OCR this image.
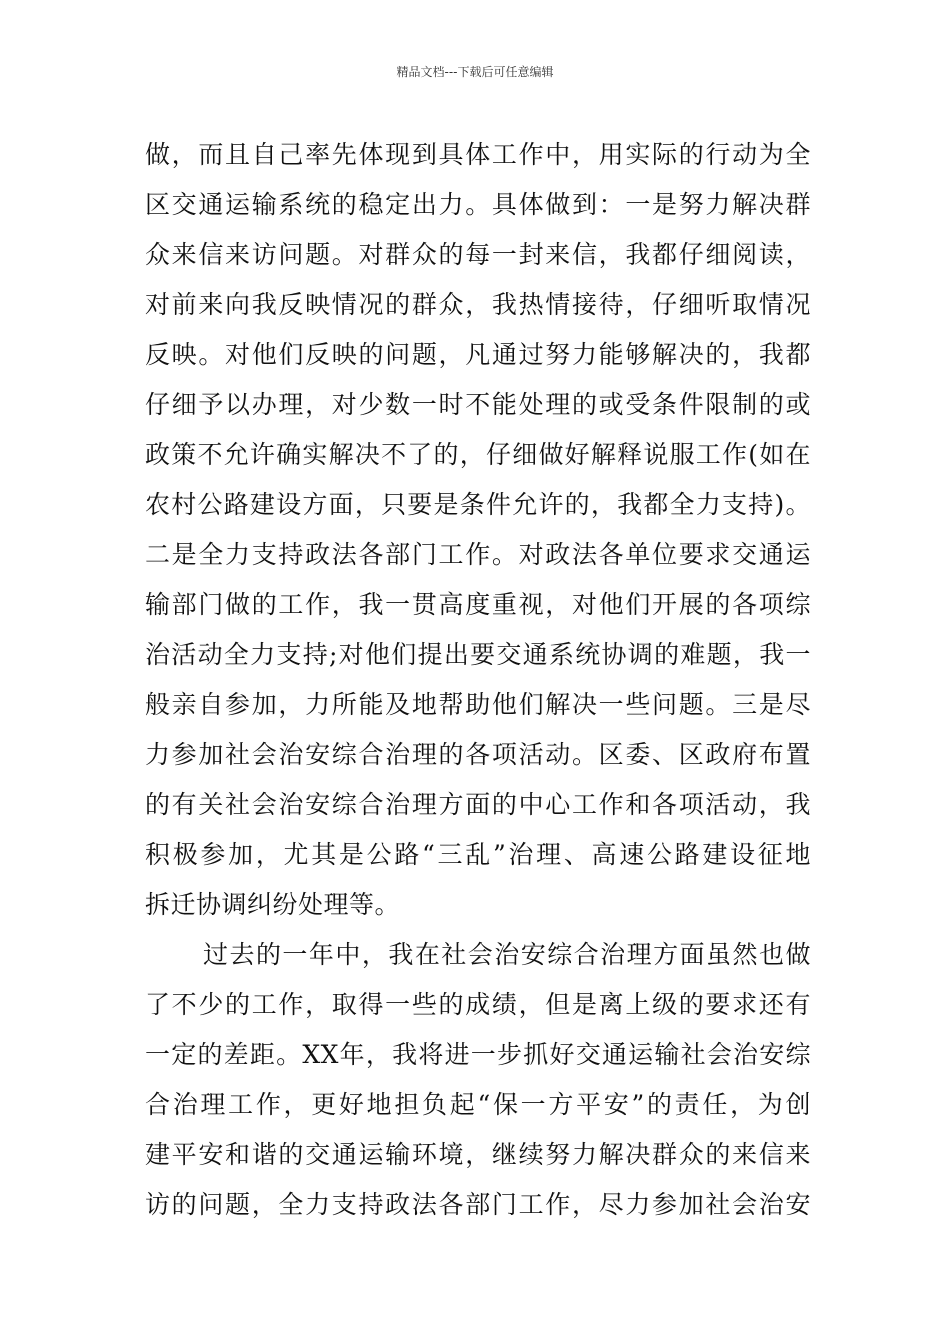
精品文档---下载后可任意编辑
做，而且自己率先体现到具体工作中，用实际的行动为全
区交通运输系统的稳定出力。具体做到：一是努力解决群
众来信来访问题。对群众的每一封来信，我都仔细阅读，
对前来向我反映情况的群众，我热情接待，仔细听取情况
反映。对他们反映的问题，凡通过努力能够解决的，我都
仔细予以办理，对少数一时不能处理的或受条件限制的或
政策不允许确实解决不了的，仔细做好解释说服工作(如在
农村公路建设方面，只要是条件允许的，我都全力支持)。
二是全力支持政法各部门工作。对政法各单位要求交通运
输部门做的工作，我一贯高度重视，对他们开展的各项综
治活动全力支持;对他们提出要交通系统协调的难题，我一
般亲自参加，力所能及地帮助他们解决一些问题。三是尽
力参加社会治安综合治理的各项活动。区委、区政府布置
的有关社会治安综合治理方面的中心工作和各项活动，我
积极参加，尤其是公路“三乱”治理、高速公路建设征地
拆迁协调纠纷处理等。
过去的一年中，我在社会治安综合治理方面虽然也做
了不少的工作，取得一些的成绩，但是离上级的要求还有
一定的差距。XX年，我将进一步抓好交通运输社会治安综
合治理工作，更好地担负起“保一方平安”的责任，为创
建平安和谐的交通运输环境，继续努力解决群众的来信来
访的问题，全力支持政法各部门工作，尽力参加社会治安
